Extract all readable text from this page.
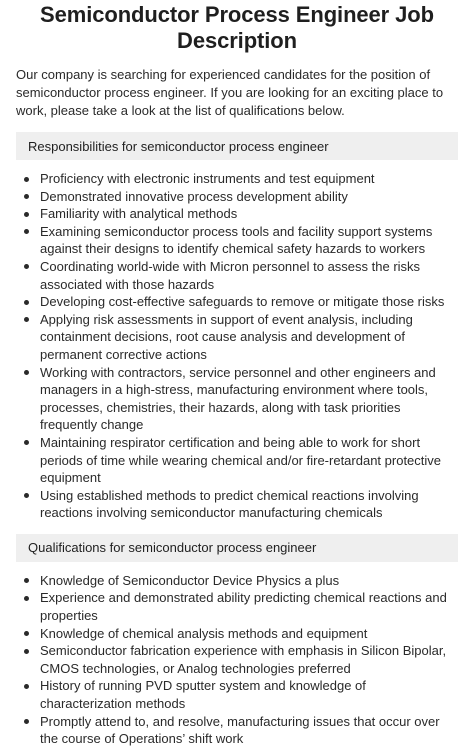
Semiconductor Process Engineer Job Description

Our company is searching for experienced candidates for the position of semiconductor process engineer. If you are looking for an exciting place to work, please take a look at the list of qualifications below.

Responsibilities for semiconductor process engineer
Proficiency with electronic instruments and test equipment
Demonstrated innovative process development ability
Familiarity with analytical methods
Examining semiconductor process tools and facility support systems against their designs to identify chemical safety hazards to workers
Coordinating world-wide with Micron personnel to assess the risks associated with those hazards
Developing cost-effective safeguards to remove or mitigate those risks
Applying risk assessments in support of event analysis, including containment decisions, root cause analysis and development of permanent corrective actions
Working with contractors, service personnel and other engineers and managers in a high-stress, manufacturing environment where tools, processes, chemistries, their hazards, along with task priorities frequently change
Maintaining respirator certification and being able to work for short periods of time while wearing chemical and/or fire-retardant protective equipment
Using established methods to predict chemical reactions involving reactions involving semiconductor manufacturing chemicals
Qualifications for semiconductor process engineer
Knowledge of Semiconductor Device Physics a plus
Experience and demonstrated ability predicting chemical reactions and properties
Knowledge of chemical analysis methods and equipment
Semiconductor fabrication experience with emphasis in Silicon Bipolar, CMOS technologies, or Analog technologies preferred
History of running PVD sputter system and knowledge of characterization methods
Promptly attend to, and resolve, manufacturing issues that occur over the course of Operations’ shift work
